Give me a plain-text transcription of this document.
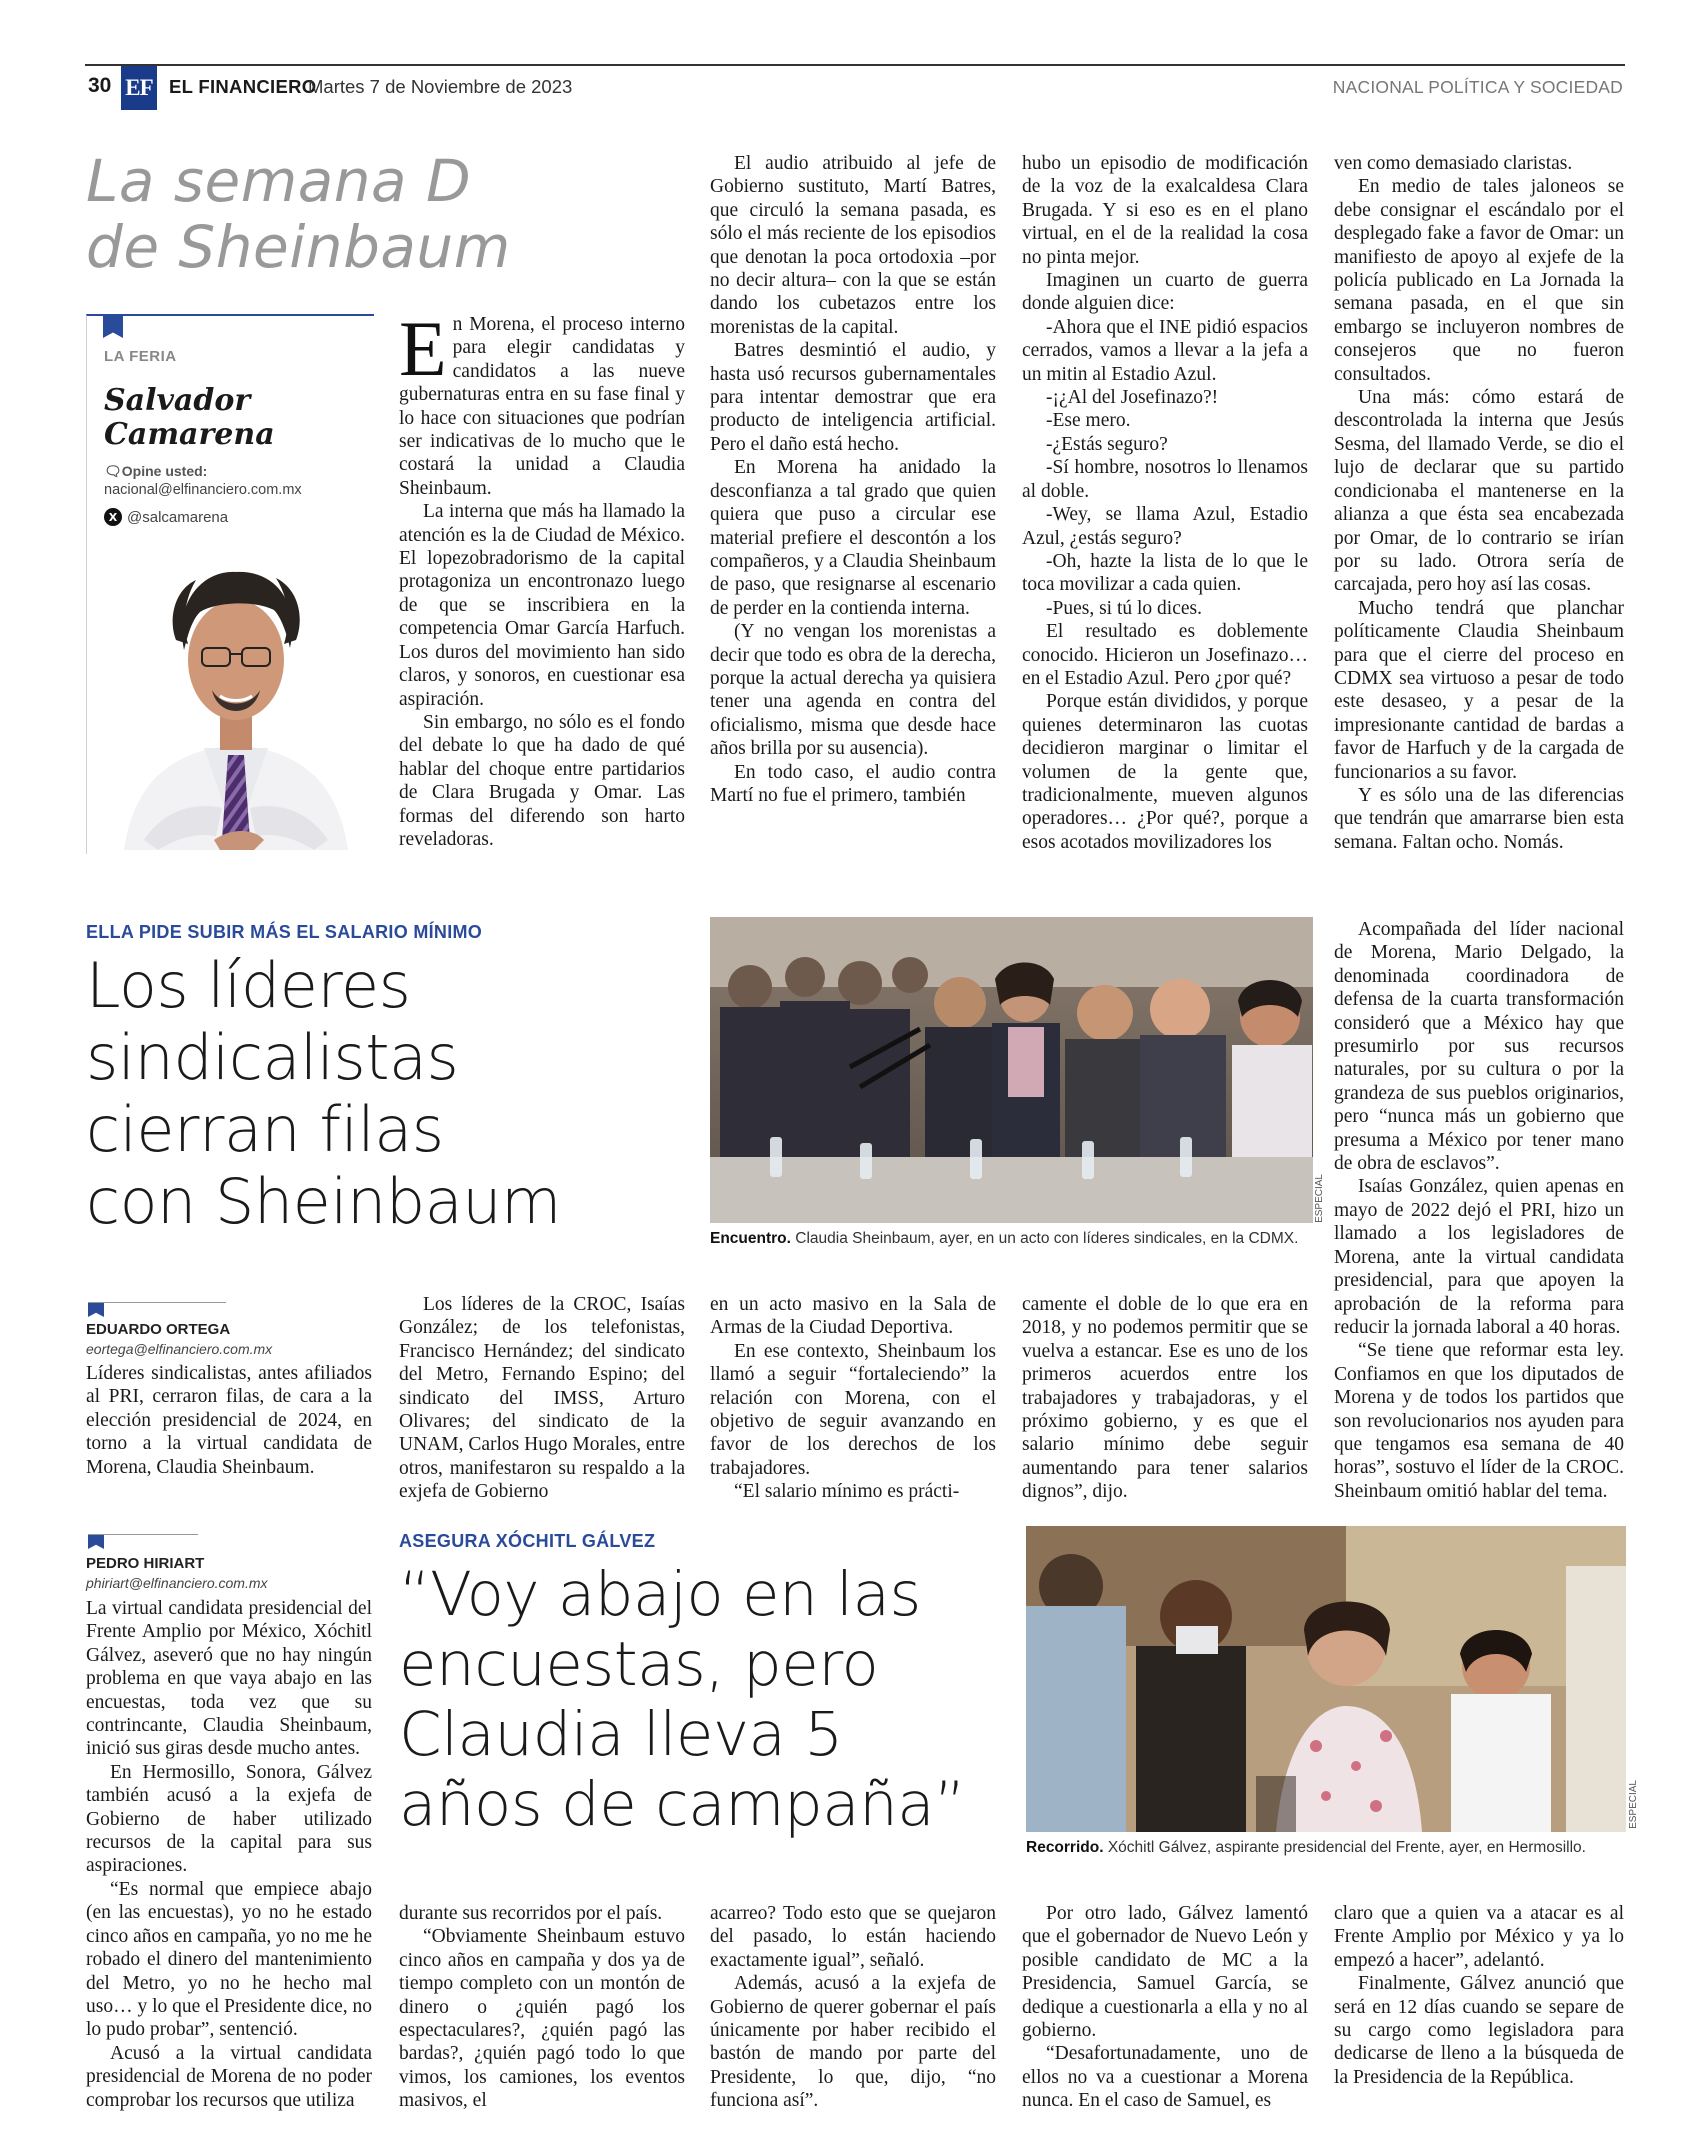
30 EF EL FINANCIERO
Martes 7 de Noviembre de 2023	NACIONAL POLÍTICA Y SOCIEDAD
La semana D
de Sheinbaum
LA FERIA
Salvador
Camarena
🗨Opine usted:
nacional@elfinanciero.com.mx
X @salcamarena

En Morena, el proceso interno para elegir candidatas y candidatos a las nueve gubernaturas entra en su fase final y lo hace con situaciones que podrían ser indicativas de lo mucho que le costará la unidad a Claudia Sheinbaum.

La interna que más ha llamado la atención es la de Ciudad de México. El lopezobradorismo de la capital protagoniza un encontronazo luego de que se inscribiera en la competencia Omar García Harfuch. Los duros del movimiento han sido claros, y sonoros, en cuestionar esa aspiración.

Sin embargo, no sólo es el fondo del debate lo que ha dado de qué hablar del choque entre partidarios de Clara Brugada y Omar. Las formas del diferendo son harto reveladoras.

El audio atribuido al jefe de Gobierno sustituto, Martí Batres, que circuló la semana pasada, es sólo el más reciente de los episodios que denotan la poca ortodoxia –por no decir altura– con la que se están dando los cubetazos entre los morenistas de la capital.

Batres desmintió el audio, y hasta usó recursos gubernamentales para intentar demostrar que era producto de inteligencia artificial. Pero el daño está hecho.

En Morena ha anidado la desconfianza a tal grado que quien quiera que puso a circular ese material prefiere el descontón a los compañeros, y a Claudia Sheinbaum de paso, que resignarse al escenario de perder en la contienda interna.

(Y no vengan los morenistas a decir que todo es obra de la derecha, porque la actual derecha ya quisiera tener una agenda en contra del oficialismo, misma que desde hace años brilla por su ausencia).

En todo caso, el audio contra Martí no fue el primero, también

hubo un episodio de modificación de la voz de la exalcaldesa Clara Brugada. Y si eso es en el plano virtual, en el de la realidad la cosa no pinta mejor.

Imaginen un cuarto de guerra donde alguien dice:

-Ahora que el INE pidió espacios cerrados, vamos a llevar a la jefa a un mitin al Estadio Azul.

-¡¿Al del Josefinazo?!

-Ese mero.

-¿Estás seguro?

-Sí hombre, nosotros lo llenamos al doble.

-Wey, se llama Azul, Estadio Azul, ¿estás seguro?

-Oh, hazte la lista de lo que le toca movilizar a cada quien.

-Pues, si tú lo dices.

El resultado es doblemente conocido. Hicieron un Josefinazo… en el Estadio Azul. Pero ¿por qué?

Porque están divididos, y porque quienes determinaron las cuotas decidieron marginar o limitar el volumen de la gente que, tradicionalmente, mueven algunos operadores… ¿Por qué?, porque a esos acotados movilizadores los

ven como demasiado claristas.

En medio de tales jaloneos se debe consignar el escándalo por el desplegado fake a favor de Omar: un manifiesto de apoyo al exjefe de la policía publicado en La Jornada la semana pasada, en el que sin embargo se incluyeron nombres de consejeros que no fueron consultados.

Una más: cómo estará de descontrolada la interna que Jesús Sesma, del llamado Verde, se dio el lujo de declarar que su partido condicionaba el mantenerse en la alianza a que ésta sea encabezada por Omar, de lo contrario se irían por su lado. Otrora sería de carcajada, pero hoy así las cosas.

Mucho tendrá que planchar políticamente Claudia Sheinbaum para que el cierre del proceso en CDMX sea virtuoso a pesar de todo este desaseo, y a pesar de la impresionante cantidad de bardas a favor de Harfuch y de la cargada de funcionarios a su favor.

Y es sólo una de las diferencias que tendrán que amarrarse bien esta semana. Faltan ocho. Nomás.

ELLA PIDE SUBIR MÁS EL SALARIO MÍNIMO
Los líderes
sindicalistas
cierran filas
con Sheinbaum	ESPECIAL
Encuentro. Claudia Sheinbaum, ayer, en un acto con líderes sindicales, en la CDMX.
EDUARDO ORTEGA
eortega@elfinanciero.com.mx

Líderes sindicalistas, antes afiliados al PRI, cerraron filas, de cara a la elección presidencial de 2024, en torno a la virtual candidata de Morena, Claudia Sheinbaum.

Los líderes de la CROC, Isaías González; de los telefonistas, Francisco Hernández; del sindicato del Metro, Fernando Espino; del sindicato del IMSS, Arturo Olivares; del sindicato de la UNAM, Carlos Hugo Morales, entre otros, manifestaron su respaldo a la exjefa de Gobierno

en un acto masivo en la Sala de Armas de la Ciudad Deportiva.

En ese contexto, Sheinbaum los llamó a seguir “fortaleciendo” la relación con Morena, con el objetivo de seguir avanzando en favor de los derechos de los trabajadores.

“El salario mínimo es prácti-

camente el doble de lo que era en 2018, y no podemos permitir que se vuelva a estancar. Ese es uno de los primeros acuerdos entre los trabajadores y trabajadoras, y el próximo gobierno, y es que el salario mínimo debe seguir aumentando para tener salarios dignos”, dijo.

Acompañada del líder nacional de Morena, Mario Delgado, la denominada coordinadora de defensa de la cuarta transformación consideró que a México hay que presumirlo por sus recursos naturales, por su cultura o por la grandeza de sus pueblos originarios, pero “nunca más un gobierno que presuma a México por tener mano de obra de esclavos”.

Isaías González, quien apenas en mayo de 2022 dejó el PRI, hizo un llamado a los legisladores de Morena, ante la virtual candidata presidencial, para que apoyen la aprobación de la reforma para reducir la jornada laboral a 40 horas.

“Se tiene que reformar esta ley. Confiamos en que los diputados de Morena y de todos los partidos que son revolucionarios nos ayuden para que tengamos esa semana de 40 horas”, sostuvo el líder de la CROC. Sheinbaum omitió hablar del tema.

PEDRO HIRIART
phiriart@elfinanciero.com.mx
ASEGURA XÓCHITL GÁLVEZ
“Voy abajo en las
encuestas, pero
Claudia lleva 5
años de campaña”	ESPECIAL
Recorrido. Xóchitl Gálvez, aspirante presidencial del Frente, ayer, en Hermosillo.

La virtual candidata presidencial del Frente Amplio por México, Xóchitl Gálvez, aseveró que no hay ningún problema en que vaya abajo en las encuestas, toda vez que su contrincante, Claudia Sheinbaum, inició sus giras desde mucho antes.

En Hermosillo, Sonora, Gálvez también acusó a la exjefa de Gobierno de haber utilizado recursos de la capital para sus aspiraciones.

“Es normal que empiece abajo (en las encuestas), yo no he estado cinco años en campaña, yo no me he robado el dinero del mantenimiento del Metro, yo no he hecho mal uso… y lo que el Presidente dice, no lo pudo probar”, sentenció.

Acusó a la virtual candidata presidencial de Morena de no poder comprobar los recursos que utiliza

durante sus recorridos por el país.

“Obviamente Sheinbaum estuvo cinco años en campaña y dos ya de tiempo completo con un montón de dinero o ¿quién pagó los espectaculares?, ¿quién pagó las bardas?, ¿quién pagó todo lo que vimos, los camiones, los eventos masivos, el

acarreo? Todo esto que se quejaron del pasado, lo están haciendo exactamente igual”, señaló.

Además, acusó a la exjefa de Gobierno de querer gobernar el país únicamente por haber recibido el bastón de mando por parte del Presidente, lo que, dijo, “no funciona así”.

Por otro lado, Gálvez lamentó que el gobernador de Nuevo León y posible candidato de MC a la Presidencia, Samuel García, se dedique a cuestionarla a ella y no al gobierno.

“Desafortunadamente, uno de ellos no va a cuestionar a Morena nunca. En el caso de Samuel, es

claro que a quien va a atacar es al Frente Amplio por México y ya lo empezó a hacer”, adelantó.

Finalmente, Gálvez anunció que será en 12 días cuando se separe de su cargo como legisladora para dedicarse de lleno a la búsqueda de la Presidencia de la República.
